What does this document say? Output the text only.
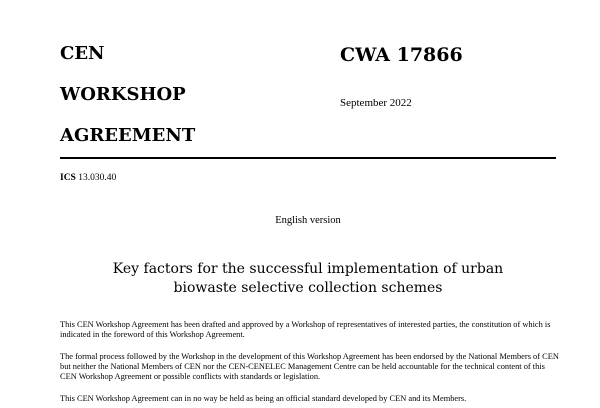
CEN
WORKSHOP
AGREEMENT
CWA 17866
September 2022
ICS 13.030.40
English version
Key factors for the successful implementation of urban
biowaste selective collection schemes
This CEN Workshop Agreement has been drafted and approved by a Workshop of representatives of interested parties, the constitution of which is indicated in the foreword of this Workshop Agreement.
The formal process followed by the Workshop in the development of this Workshop Agreement has been endorsed by the National Members of CEN but neither the National Members of CEN nor the CEN-CENELEC Management Centre can be held accountable for the technical content of this CEN Workshop Agreement or possible conflicts with standards or legislation.
This CEN Workshop Agreement can in no way be held as being an official standard developed by CEN and its Members.
